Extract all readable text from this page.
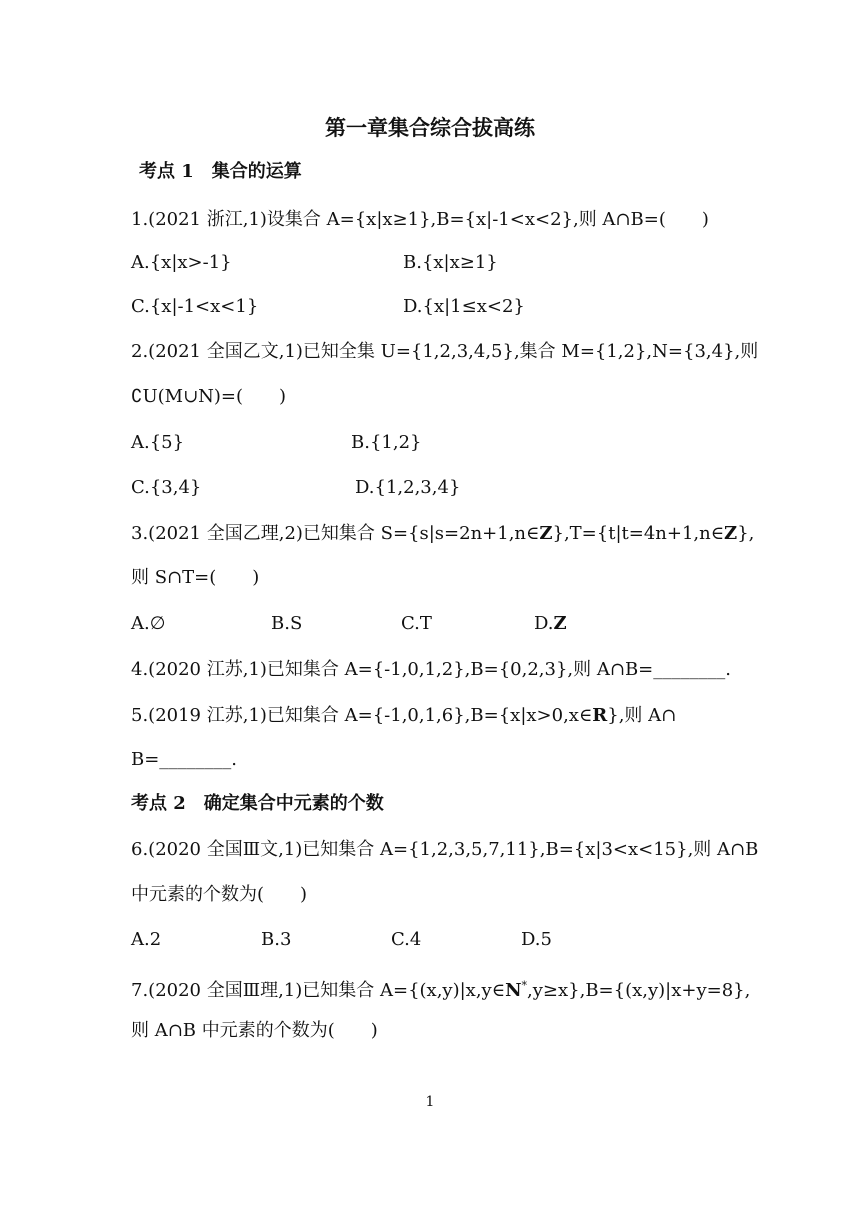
第一章集合综合拔高练
考点 1　集合的运算
1.(2021 浙江,1)设集合 A={x|x≥1},B={x|-1<x<2},则 A∩B=(　　)
A.{x|x>-1}	B.{x|x≥1}
C.{x|-1<x<1}	D.{x|1≤x<2}
2.(2021 全国乙文,1)已知全集 U={1,2,3,4,5},集合 M={1,2},N={3,4},则
∁U(M∪N)=(　　)
A.{5}	B.{1,2}
C.{3,4}	D.{1,2,3,4}
3.(2021 全国乙理,2)已知集合 S={s|s=2n+1,n∈Z},T={t|t=4n+1,n∈Z},
则 S∩T=(　　)
A.∅	B.S	C.T	D.Z
4.(2020 江苏,1)已知集合 A={-1,0,1,2},B={0,2,3},则 A∩B=________.
5.(2019 江苏,1)已知集合 A={-1,0,1,6},B={x|x>0,x∈R},则 A∩
B=________.
考点 2　确定集合中元素的个数
6.(2020 全国Ⅲ文,1)已知集合 A={1,2,3,5,7,11},B={x|3<x<15},则 A∩B
中元素的个数为(　　)
A.2	B.3	C.4	D.5
7.(2020 全国Ⅲ理,1)已知集合 A={(x,y)|x,y∈N*,y≥x},B={(x,y)|x+y=8},
则 A∩B 中元素的个数为(　　)
1
